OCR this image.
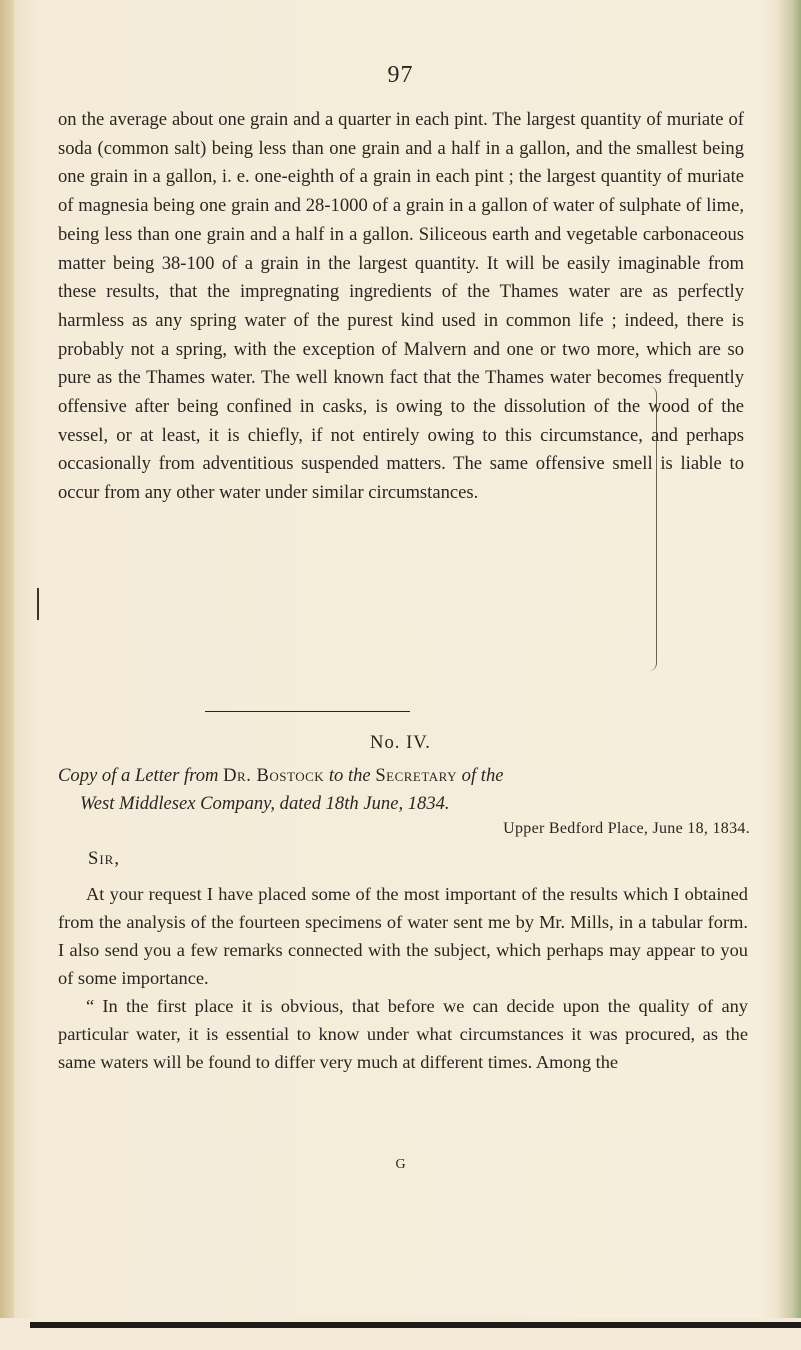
97

on the average about one grain and a quarter in each pint. The largest quantity of muriate of soda (common salt) being less than one grain and a half in a gallon, and the smallest being one grain in a gallon, i. e. one-eighth of a grain in each pint ; the largest quantity of muriate of magnesia being one grain and 28-1000 of a grain in a gallon of water of sulphate of lime, being less than one grain and a half in a gallon. Siliceous earth and vegetable carbonaceous matter being 38-100 of a grain in the largest quantity. It will be easily imaginable from these results, that the impregnating ingredients of the Thames water are as perfectly harmless as any spring water of the purest kind used in common life ; indeed, there is probably not a spring, with the exception of Malvern and one or two more, which are so pure as the Thames water. The well known fact that the Thames water becomes frequently offensive after being confined in casks, is owing to the dissolution of the wood of the vessel, or at least, it is chiefly, if not entirely owing to this circumstance, and perhaps occasionally from adventitious suspended matters. The same offensive smell is liable to occur from any other water under similar circumstances.

No. IV.
Copy of a Letter from Dr. Bostock to the Secretary of the
West Middlesex Company, dated 18th June, 1834.
Upper Bedford Place, June 18, 1834.
Sir,

At your request I have placed some of the most important of the results which I obtained from the analysis of the fourteen specimens of water sent me by Mr. Mills, in a tabular form. I also send you a few remarks connected with the subject, which perhaps may appear to you of some importance.

“ In the first place it is obvious, that before we can decide upon the quality of any particular water, it is essential to know under what circumstances it was procured, as the same waters will be found to differ very much at different times. Among the

G
